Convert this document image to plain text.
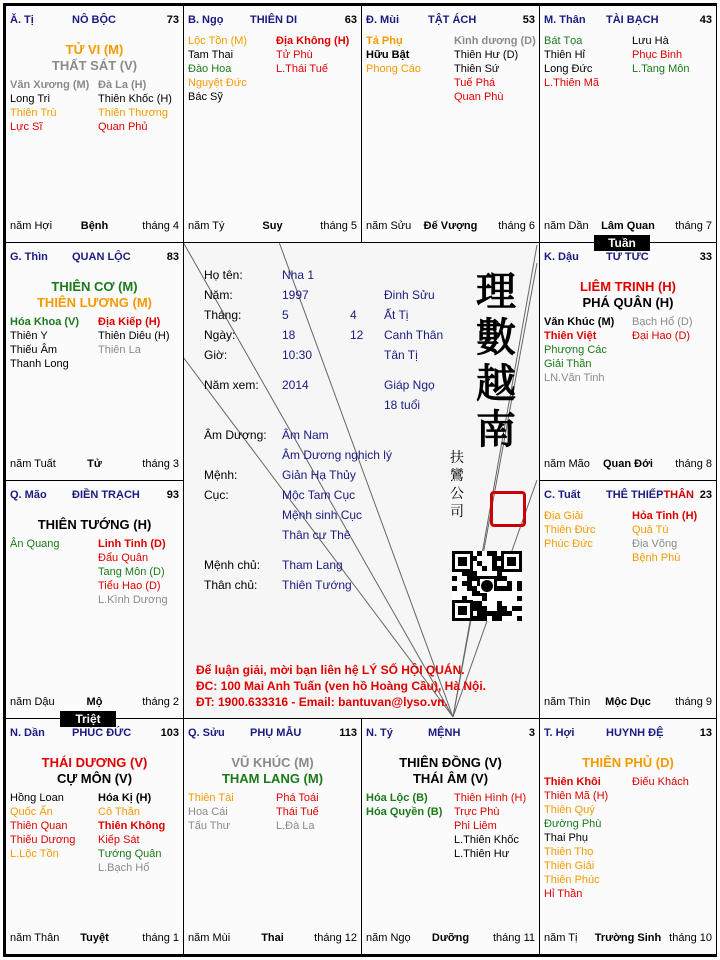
Ă. Tị	NÔ BỘC	73
TỬ VI (M)
THẤT SÁT (V)
Văn Xương (M)
Long Trì
Thiên Trù
Lực Sĩ
Đà La (H)
Thiên Khốc (H)
Thiên Thương
Quan Phủ
năm Hợi	Bệnh	tháng 4
B. Ngọ THIÊN DI	63
Lộc Tồn (M)
Tam Thai
Đào Hoa
Nguyệt Đức
Bác Sỹ
Địa Không (H)
Tử Phù
L.Thái Tuế
năm Tý	Suy	tháng 5
Đ. Mùi	TẬT ÁCH	53
Tả Phụ
Hữu Bật
Phong Cáo
Kình dương (D)
Thiên Hư (D)
Thiên Sứ
Tuế Phá
Quan Phù
năm Sửu	Đế Vượng	tháng 6
M. Thân TÀI BẠCH	43
Bát Tọa
Thiên Hỉ
Long Đức
L.Thiên Mã
Lưu Hà
Phục Binh
L.Tang Môn
năm Dần	Lâm Quan	tháng 7
G. Thìn QUAN LỘC	83
THIÊN CƠ (M)
THIÊN LƯƠNG (M)
Hóa Khoa (V)
Thiên Y
Thiếu Âm
Thanh Long
Địa Kiếp (H)
Thiên Diêu (H)
Thiên La
năm Tuất	Tử	tháng 3
K. Dậu TỬ TỨC	33
LIÊM TRINH (H)
PHÁ QUÂN (H)
Văn Khúc (M)
Thiên Việt
Phượng Các
Giải Thần
LN.Văn Tinh
Bạch Hổ (D)
Đại Hao (D)
năm Mão	Quan Đới	tháng 8
Q. Mão ĐIỀN TRẠCH 93
THIÊN TƯỚNG (H)
Ân Quang	Linh Tinh (D)
Đẩu Quân
Tang Môn (D)
Tiểu Hao (D)
L.Kình Dương
năm Dậu	Mộ	tháng 2
C. Tuất THÊ THIẾP THÂN 23
Địa Giải
Thiên Đức
Phúc Đức
Hỏa Tinh (H)
Quả Tú
Địa Võng
Bệnh Phù
năm Thìn	Mộc Dục	tháng 9
N. Dần PHÚC ĐỨC	103
THÁI DƯƠNG (V)
CỰ MÔN (V)
Hồng Loan
Quốc Ấn
Thiên Quan
Thiếu Dương
L.Lộc Tồn
Hóa Kị (H)
Cô Thần
Thiên Không
Kiếp Sát
Tướng Quân
L.Bạch Hổ
năm Thân	Tuyệt	tháng 1
Q. Sửu PHỤ MẪU	113
VŨ KHÚC (M)
THAM LANG (M)
Thiên Tài
Hoa Cái
Tấu Thư
Phá Toái
Thái Tuế
L.Đà La
năm Mùi	Thai	tháng 12
N. Tý	MỆNH	3
THIÊN ĐỒNG (V)
THÁI ÂM (V)
Hóa Lộc (B)
Hóa Quyền (B)
Thiên Hình (H)
Trực Phù
Phi Liêm
L.Thiên Khốc
L.Thiên Hư
năm Ngọ	Dưỡng	tháng 11
T. Hợi	HUYNH ĐỆ	13
THIÊN PHỦ (D)
Thiên Khôi
Thiên Mã (H)
Thiên Quý
Đường Phù
Thai Phụ
Thiên Thọ
Thiên Giải
Thiên Phúc
Hỉ Thần
Điếu Khách
năm Tị	Trường Sinh tháng 10
Tuần
Triệt
Họ tên:	Nha 1
Năm:	1997	Đinh Sửu
Tháng:	5	4 Ất Tị
Ngày:	18	12 Canh Thân
Giờ:	10:30	Tân Tị
Năm xem: 2014	Giáp Ngọ
18 tuổi
Âm Dương: Âm Nam
Âm Dương nghịch lý
Mệnh:	Giản Hạ Thủy
Cục:	Mộc Tam Cục
Mệnh sinh Cục
Thân cư Thê
Mệnh chủ: Tham Lang
Thân chủ: Thiên Tướng
理數越南
扶鸞公司
Để luận giải, mời bạn liên hệ LÝ SỐ HỘI QUÁN.
ĐC: 100 Mai Anh Tuấn (ven hồ Hoàng Cầu), Hà Nội.
ĐT: 1900.633316 - Email: bantuvan@lyso.vn.
